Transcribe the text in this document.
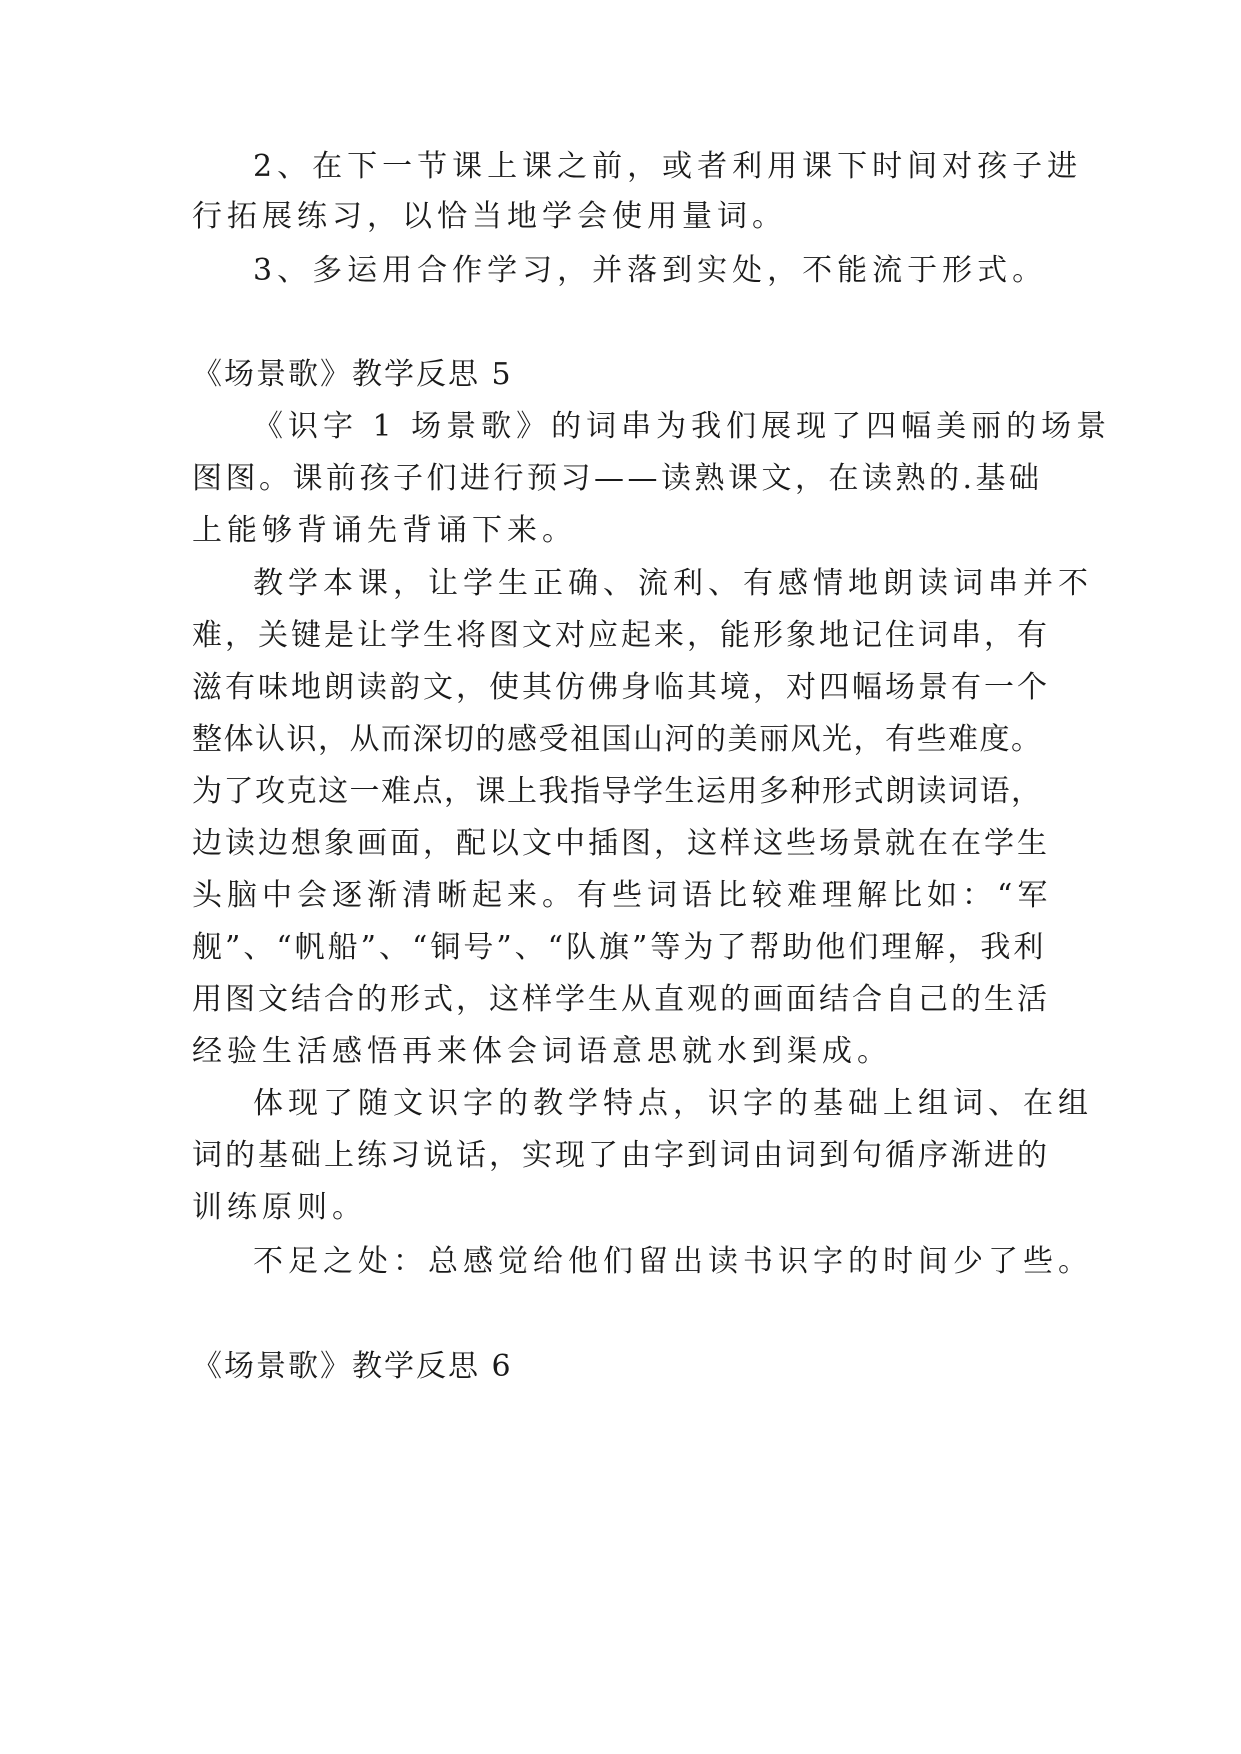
2、在下一节课上课之前，或者利用课下时间对孩子进
行拓展练习，以恰当地学会使用量词。
3、多运用合作学习，并落到实处，不能流于形式。
《场景歌》教学反思 5
《识字 1 场景歌》的词串为我们展现了四幅美丽的场景
图图。课前孩子们进行预习——读熟课文，在读熟的.基础
上能够背诵先背诵下来。
教学本课，让学生正确、流利、有感情地朗读词串并不
难，关键是让学生将图文对应起来，能形象地记住词串，有
滋有味地朗读韵文，使其仿佛身临其境，对四幅场景有一个
整体认识，从而深切的感受祖国山河的美丽风光，有些难度。
为了攻克这一难点，课上我指导学生运用多种形式朗读词语，
边读边想象画面，配以文中插图，这样这些场景就在在学生
头脑中会逐渐清晰起来。有些词语比较难理解比如：“军
舰”、“帆船”、“铜号”、“队旗”等为了帮助他们理解，我利
用图文结合的形式，这样学生从直观的画面结合自己的生活
经验生活感悟再来体会词语意思就水到渠成。
体现了随文识字的教学特点，识字的基础上组词、在组
词的基础上练习说话，实现了由字到词由词到句循序渐进的
训练原则。
不足之处：总感觉给他们留出读书识字的时间少了些。
《场景歌》教学反思 6
